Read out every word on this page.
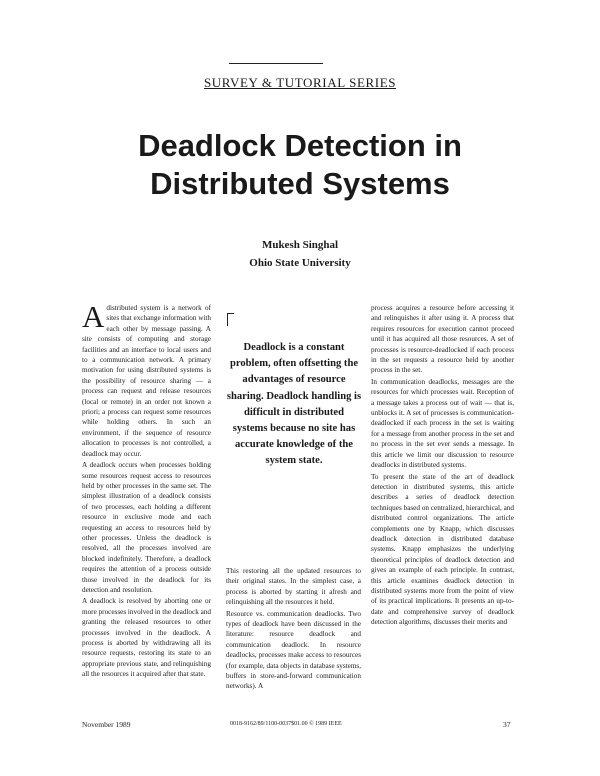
SURVEY & TUTORIAL SERIES
Deadlock Detection in
Distributed Systems
Mukesh Singhal
Ohio State University

A distributed system is a network of sites that exchange information with each other by message passing. A site consists of computing and storage facilities and an interface to local users and to a communication network. A primary motivation for using distributed systems is the possibility of resource sharing — a process can request and release resources (local or remote) in an order not known a priori; a process can request some resources while holding others. In such an environment, if the sequence of resource allocation to processes is not controlled, a deadlock may occur.

A deadlock occurs when processes holding some resources request access to resources held by other processes in the same set. The simplest illustration of a deadlock consists of two processes, each holding a different resource in exclusive mode and each requesting an access to resources held by other processes. Unless the deadlock is resolved, all the processes involved are blocked indefinitely. Therefore, a deadlock requires the attention of a process outside those involved in the deadlock for its detection and resolution.

A deadlock is resolved by aborting one or more processes involved in the deadlock and granting the released resources to other processes involved in the deadlock. A process is aborted by withdrawing all its resource requests, restoring its state to an appropriate previous state, and relinquishing all the resources it acquired after that state.

Deadlock is a constant problem, often offsetting the advantages of resource sharing. Deadlock handling is difficult in distributed systems because no site has accurate knowledge of the system state.

This restoring all the updated resources to their original states. In the simplest case, a process is aborted by starting it afresh and relinquishing all the resources it held.

Resource vs. communication deadlocks. Two types of deadlock have been discussed in the literature: resource deadlock and communication deadlock. In resource deadlocks, processes make access to resources (for example, data objects in database systems, buffers in store-and-forward communication networks). A

process acquires a resource before accessing it and relinquishes it after using it. A process that requires resources for execution cannot proceed until it has acquired all those resources. A set of processes is resource-deadlocked if each process in the set requests a resource held by another process in the set.

In communication deadlocks, messages are the resources for which processes wait. Reception of a message takes a process out of wait — that is, unblocks it. A set of processes is communication-deadlocked if each process in the set is waiting for a message from another process in the set and no process in the set ever sends a message. In this article we limit our discussion to resource deadlocks in distributed systems.

To present the state of the art of deadlock detection in distributed systems, this article describes a series of deadlock detection techniques based on centralized, hierarchical, and distributed control organizations. The article complements one by Knapp, which discusses deadlock detection in distributed database systems. Knapp emphasizes the underlying theoretical principles of deadlock detection and gives an example of each principle. In contrast, this article examines deadlock detection in distributed systems more from the point of view of its practical implications. It presents an up-to-date and comprehensive survey of deadlock detection algorithms, discusses their merits and

November 1989	0018-9162/89/1100-0037$01.00 © 1989 IEEE	37
